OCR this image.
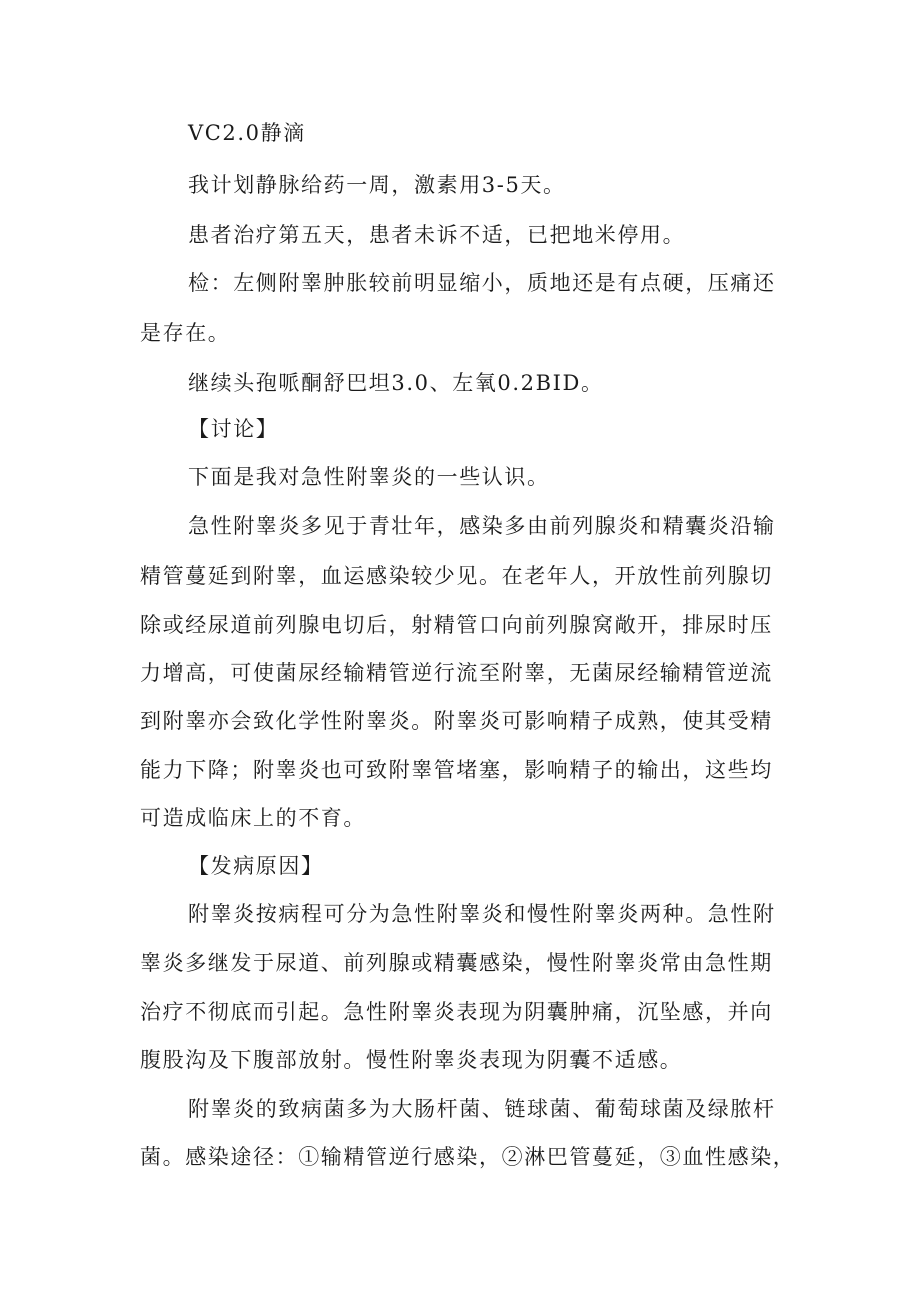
VC2.0静滴
我计划静脉给药一周，激素用3-5天。
患者治疗第五天，患者未诉不适，已把地米停用。
检：左侧附睾肿胀较前明显缩小，质地还是有点硬，压痛还
是存在。
继续头孢哌酮舒巴坦3.0、左氧0.2BID。
【讨论】
下面是我对急性附睾炎的一些认识。
急性附睾炎多见于青壮年，感染多由前列腺炎和精囊炎沿输
精管蔓延到附睾，血运感染较少见。在老年人，开放性前列腺切
除或经尿道前列腺电切后，射精管口向前列腺窝敞开，排尿时压
力增高，可使菌尿经输精管逆行流至附睾，无菌尿经输精管逆流
到附睾亦会致化学性附睾炎。附睾炎可影响精子成熟，使其受精
能力下降；附睾炎也可致附睾管堵塞，影响精子的输出，这些均
可造成临床上的不育。
【发病原因】
附睾炎按病程可分为急性附睾炎和慢性附睾炎两种。急性附
睾炎多继发于尿道、前列腺或精囊感染，慢性附睾炎常由急性期
治疗不彻底而引起。急性附睾炎表现为阴囊肿痛，沉坠感，并向
腹股沟及下腹部放射。慢性附睾炎表现为阴囊不适感。
附睾炎的致病菌多为大肠杆菌、链球菌、葡萄球菌及绿脓杆
菌。感染途径：①输精管逆行感染，②淋巴管蔓延，③血性感染，
